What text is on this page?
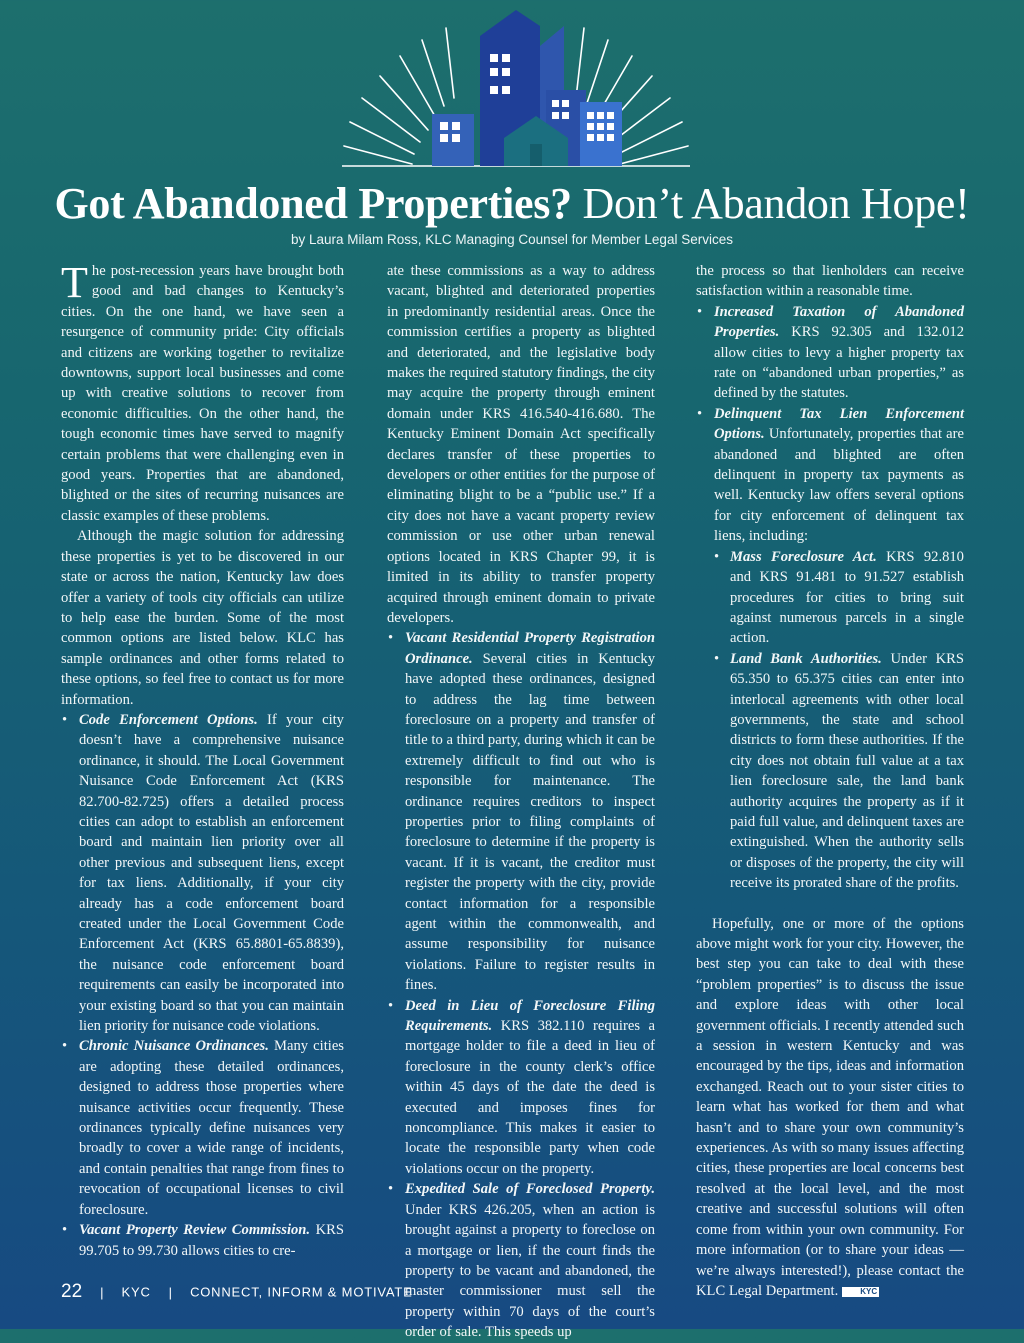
Got Abandoned Properties? Don’t Abandon Hope!
by Laura Milam Ross, KLC Managing Counsel for Member Legal Services

The post-recession years have brought both good and bad changes to Kentucky’s cities. On the one hand, we have seen a resurgence of community pride: City officials and citizens are working together to revitalize downtowns, support local businesses and come up with creative solutions to recover from economic difficulties. On the other hand, the tough economic times have served to magnify certain problems that were challenging even in good years. Properties that are abandoned, blighted or the sites of recurring nuisances are classic examples of these problems.

Although the magic solution for addressing these properties is yet to be discovered in our state or across the nation, Kentucky law does offer a variety of tools city officials can utilize to help ease the burden. Some of the most common options are listed below. KLC has sample ordinances and other forms related to these options, so feel free to contact us for more information.

• Code Enforcement Options. If your city doesn’t have a comprehensive nuisance ordinance, it should. The Local Government Nuisance Code Enforcement Act (KRS 82.700-82.725) offers a detailed process cities can adopt to establish an enforcement board and maintain lien priority over all other previous and subsequent liens, except for tax liens. Additionally, if your city already has a code enforcement board created under the Local Government Code Enforcement Act (KRS 65.8801-65.8839), the nuisance code enforcement board requirements can easily be incorporated into your existing board so that you can maintain lien priority for nuisance code violations.
• Chronic Nuisance Ordinances. Many cities are adopting these detailed ordinances, designed to address those properties where nuisance activities occur frequently. These ordinances typically define nuisances very broadly to cover a wide range of incidents, and contain penalties that range from fines to revocation of occupational licenses to civil foreclosure.
• Vacant Property Review Commission. KRS 99.705 to 99.730 allows cities to cre-

ate these commissions as a way to address vacant, blighted and deteriorated properties in predominantly residential areas. Once the commission certifies a property as blighted and deteriorated, and the legislative body makes the required statutory findings, the city may acquire the property through eminent domain under KRS 416.540-416.680. The Kentucky Eminent Domain Act specifically declares transfer of these properties to developers or other entities for the purpose of eliminating blight to be a “public use.” If a city does not have a vacant property review commission or use other urban renewal options located in KRS Chapter 99, it is limited in its ability to transfer property acquired through eminent domain to private developers.

• Vacant Residential Property Registration Ordinance. Several cities in Kentucky have adopted these ordinances, designed to address the lag time between foreclosure on a property and transfer of title to a third party, during which it can be extremely difficult to find out who is responsible for maintenance. The ordinance requires creditors to inspect properties prior to filing complaints of foreclosure to determine if the property is vacant. If it is vacant, the creditor must register the property with the city, provide contact information for a responsible agent within the commonwealth, and assume responsibility for nuisance violations. Failure to register results in fines.
• Deed in Lieu of Foreclosure Filing Requirements. KRS 382.110 requires a mortgage holder to file a deed in lieu of foreclosure in the county clerk’s office within 45 days of the date the deed is executed and imposes fines for noncompliance. This makes it easier to locate the responsible party when code violations occur on the property.
• Expedited Sale of Foreclosed Property. Under KRS 426.205, when an action is brought against a property to foreclose on a mortgage or lien, if the court finds the property to be vacant and abandoned, the master commissioner must sell the property within 70 days of the court’s order of sale. This speeds up

the process so that lienholders can receive satisfaction within a reasonable time.

• Increased Taxation of Abandoned Properties. KRS 92.305 and 132.012 allow cities to levy a higher property tax rate on “abandoned urban properties,” as defined by the statutes.
• Delinquent Tax Lien Enforcement Options. Unfortunately, properties that are abandoned and blighted are often delinquent in property tax payments as well. Kentucky law offers several options for city enforcement of delinquent tax liens, including:
• Mass Foreclosure Act. KRS 92.810 and KRS 91.481 to 91.527 establish procedures for cities to bring suit against numerous parcels in a single action.
• Land Bank Authorities. Under KRS 65.350 to 65.375 cities can enter into interlocal agreements with other local governments, the state and school districts to form these authorities. If the city does not obtain full value at a tax lien foreclosure sale, the land bank authority acquires the property as if it paid full value, and delinquent taxes are extinguished. When the authority sells or disposes of the property, the city will receive its prorated share of the profits.

Hopefully, one or more of the options above might work for your city. However, the best step you can take to deal with these “problem properties” is to discuss the issue and explore ideas with other local government officials. I recently attended such a session in western Kentucky and was encouraged by the tips, ideas and information exchanged. Reach out to your sister cities to learn what has worked for them and what hasn’t and to share your own community’s experiences. As with so many issues affecting cities, these properties are local concerns best resolved at the local level, and the most creative and successful solutions will often come from within your own community. For more information (or to share your ideas — we’re always interested!), please contact the KLC Legal Department.	KYC

22 | KYC | CONNECT, INFORM & MOTIVATE
